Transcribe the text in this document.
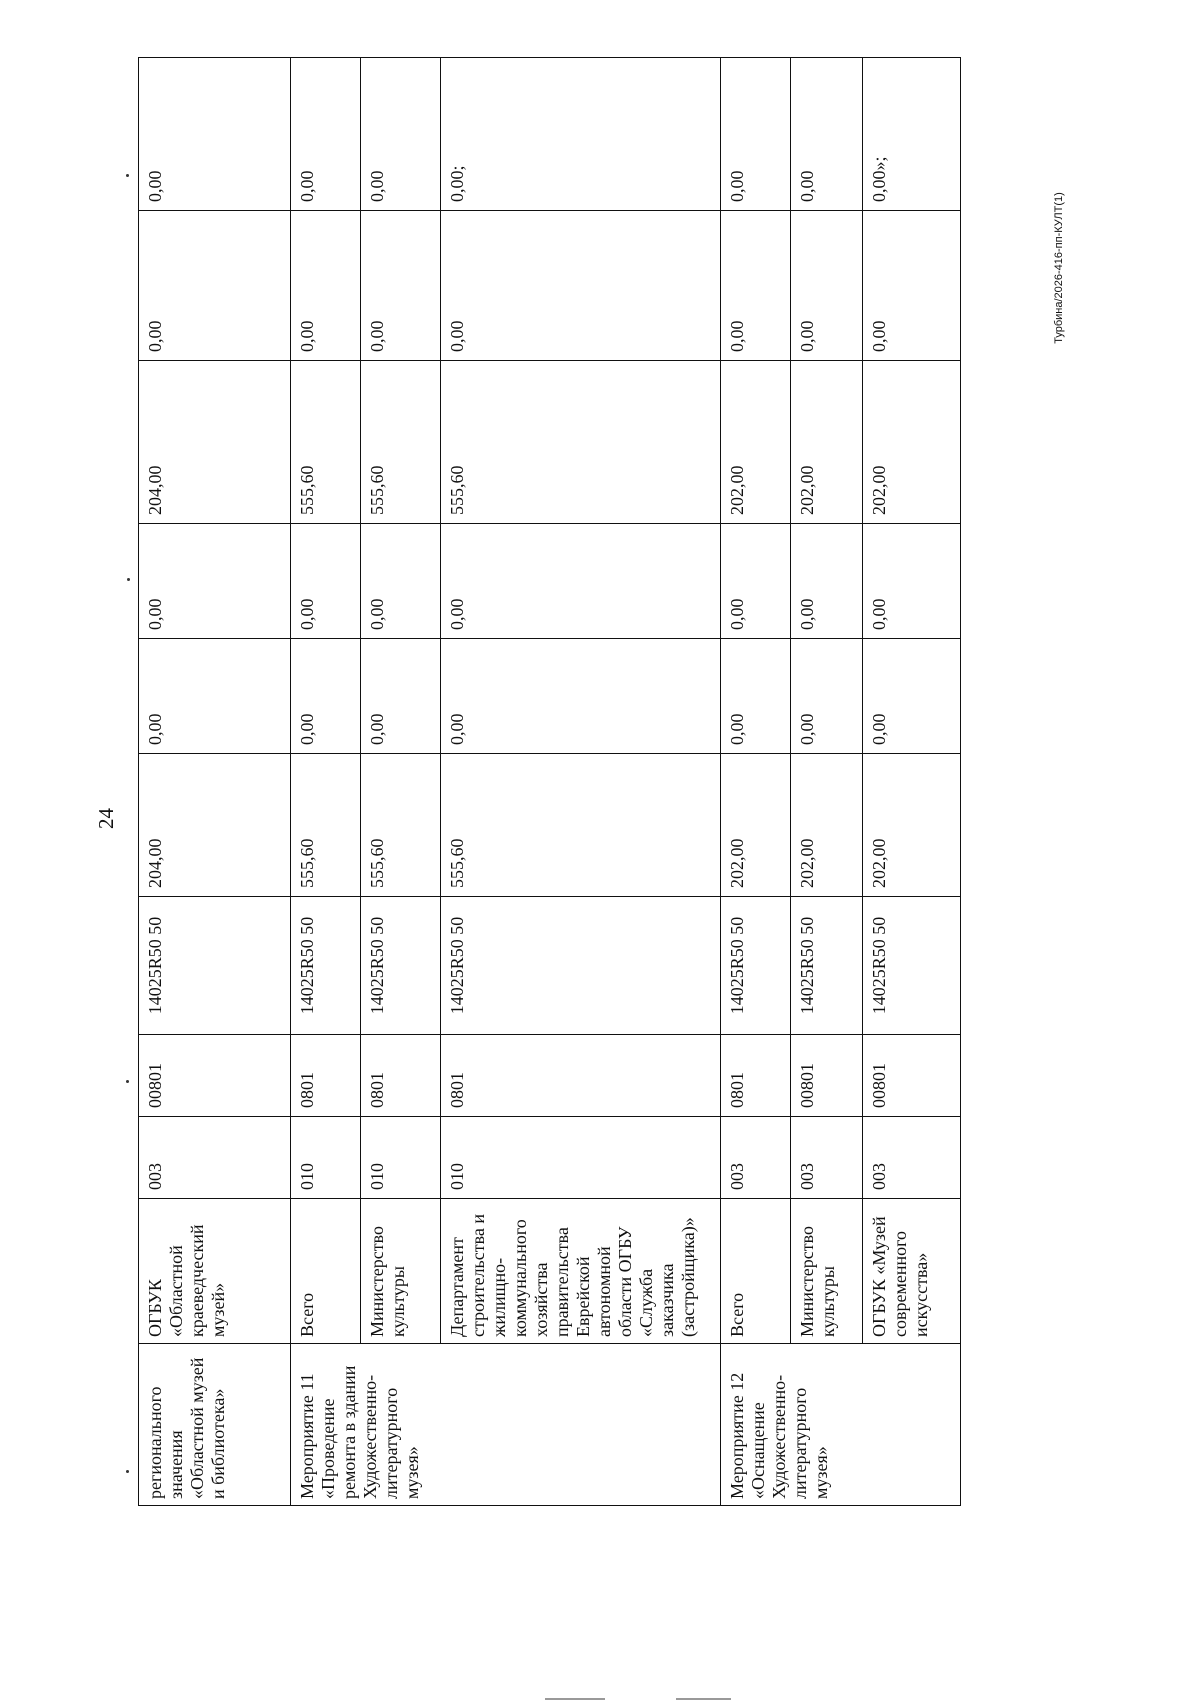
24
Турбина/2026-416-пп-КУЛТ(1)
регионального значения «Областной музей и библиотека»	ОГБУК «Областной краеведческий музей»	003	00801	14025R50 50	204,00	0,00	0,00	204,00	0,00	0,00
Мероприятие 11 «Проведение ремонта в здании Художественно-литературного музея»	Всего	010	0801	14025R50 50	555,60	0,00	0,00	555,60	0,00	0,00
	Министерство культуры	010	0801	14025R50 50	555,60	0,00	0,00	555,60	0,00	0,00
	Департамент строительства и жилищно-коммунального хозяйства правительства Еврейской автономной области ОГБУ «Служба заказчика (застройщика)»	010	0801	14025R50 50	555,60	0,00	0,00	555,60	0,00	0,00;
Мероприятие 12 «Оснащение Художественно-литературного музея»	Всего	003	0801	14025R50 50	202,00	0,00	0,00	202,00	0,00	0,00
	Министерство культуры	003	00801	14025R50 50	202,00	0,00	0,00	202,00	0,00	0,00
	ОГБУК «Музей современного искусства»	003	00801	14025R50 50	202,00	0,00	0,00	202,00	0,00	0,00»;
